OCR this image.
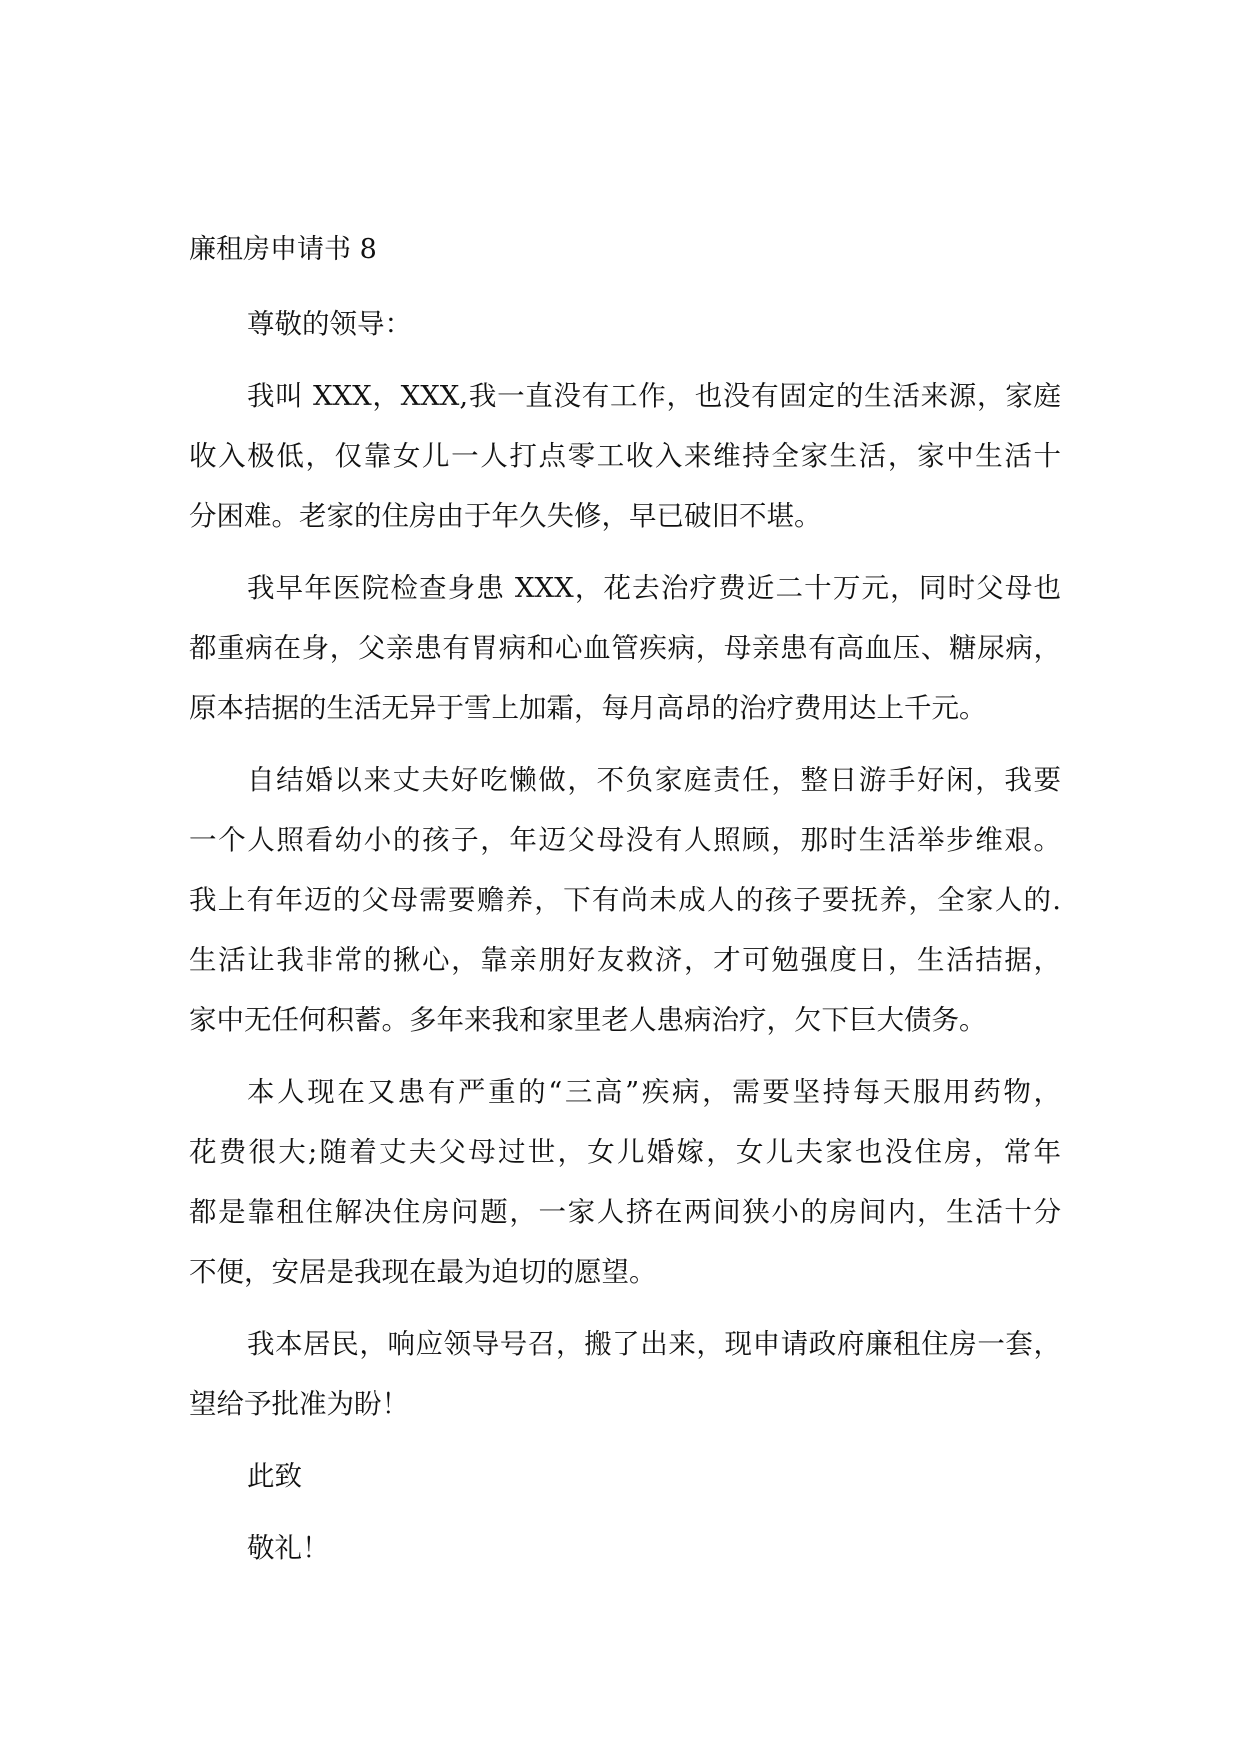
廉租房申请书 8
尊敬的领导：
我叫 XXX，XXX,我一直没有工作，也没有固定的生活来源，家庭
收入极低，仅靠女儿一人打点零工收入来维持全家生活，家中生活十
分困难。老家的住房由于年久失修，早已破旧不堪。
我早年医院检查身患 XXX，花去治疗费近二十万元，同时父母也
都重病在身，父亲患有胃病和心血管疾病，母亲患有高血压、糖尿病，
原本拮据的生活无异于雪上加霜，每月高昂的治疗费用达上千元。
自结婚以来丈夫好吃懒做，不负家庭责任，整日游手好闲，我要
一个人照看幼小的孩子，年迈父母没有人照顾，那时生活举步维艰。
我上有年迈的父母需要赡养，下有尚未成人的孩子要抚养，全家人的.
生活让我非常的揪心，靠亲朋好友救济，才可勉强度日，生活拮据，
家中无任何积蓄。多年来我和家里老人患病治疗，欠下巨大债务。
本人现在又患有严重的“三高”疾病，需要坚持每天服用药物，
花费很大;随着丈夫父母过世，女儿婚嫁，女儿夫家也没住房，常年
都是靠租住解决住房问题，一家人挤在两间狭小的房间内，生活十分
不便，安居是我现在最为迫切的愿望。
我本居民，响应领导号召，搬了出来，现申请政府廉租住房一套，
望给予批准为盼！
此致
敬礼！
